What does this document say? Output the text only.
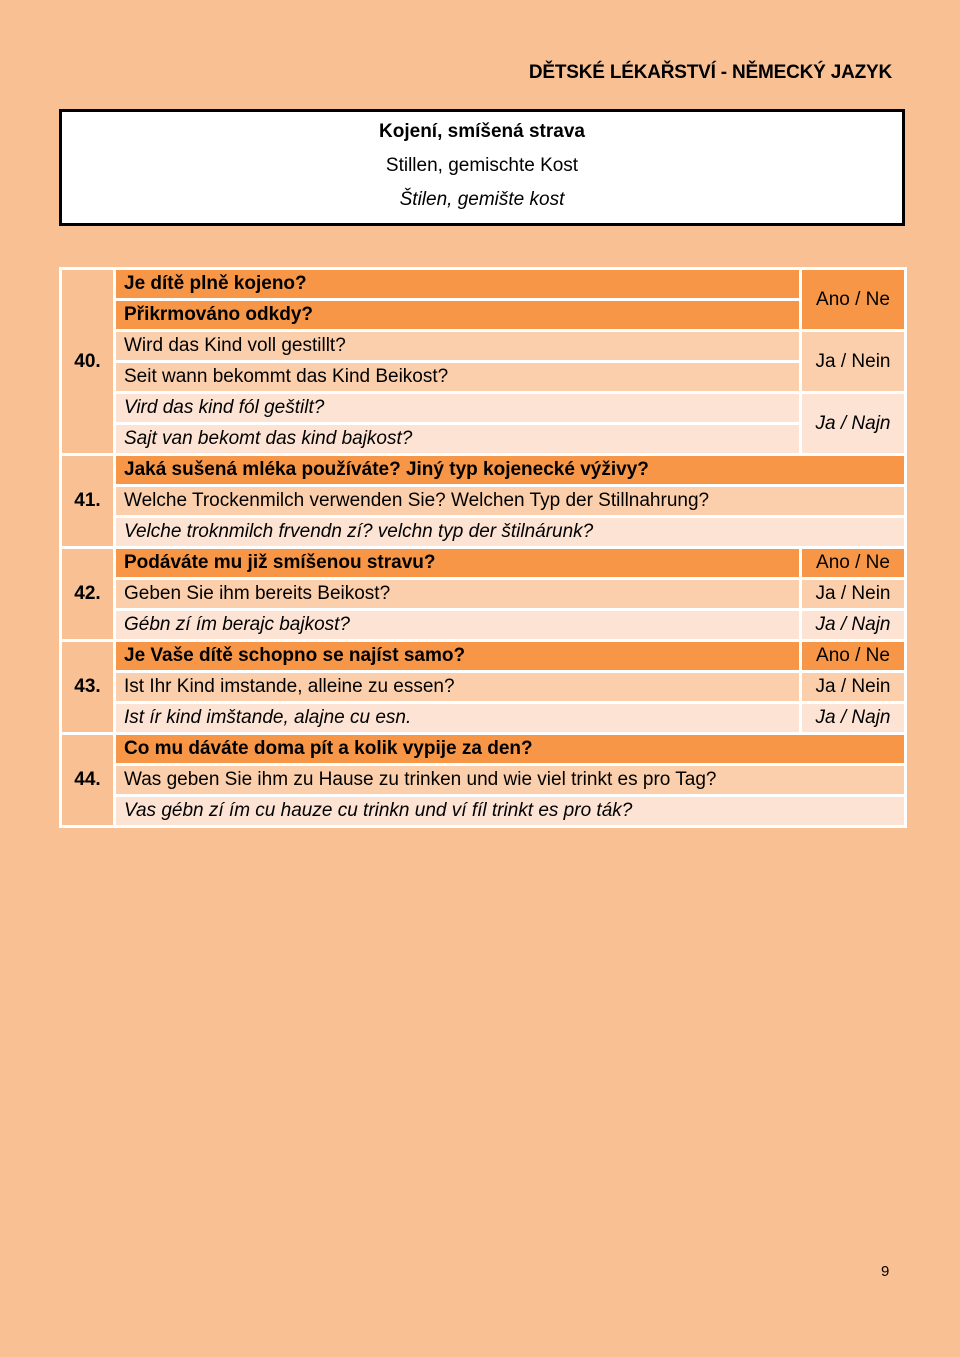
DĚTSKÉ LÉKAŘSTVÍ - NĚMECKÝ JAZYK
Kojení, smíšená strava
Stillen, gemischte Kost
Štilen, gemište kost
40.	Je dítě plně kojeno?	Ano / Ne
	Přikrmováno odkdy?	
	Wird das Kind voll gestillt?	Ja / Nein
	Seit wann bekommt das Kind Beikost?	
	Vird das kind fól geštilt?	Ja / Najn
	Sajt van bekomt das kind bajkost?	
41.	Jaká sušená mléka používáte? Jiný typ kojenecké výživy?	
	Welche Trockenmilch verwenden Sie? Welchen Typ der Stillnahrung?	
	Velche troknmilch frvendn zí? velchn typ der štilnárunk?	
42.	Podáváte mu již smíšenou stravu?	Ano / Ne
	Geben Sie ihm bereits Beikost?	Ja / Nein
	Gébn zí ím berajc bajkost?	Ja / Najn
43.	Je Vaše dítě schopno se najíst samo?	Ano / Ne
	Ist Ihr Kind imstande, alleine zu essen?	Ja / Nein
	Ist ír kind imštande, alajne cu esn.	Ja / Najn
44.	Co mu dáváte doma pít a kolik vypije za den?	
	Was geben Sie ihm zu Hause zu trinken und wie viel trinkt es pro Tag?	
	Vas gébn zí ím cu hauze cu trinkn und ví fíl trinkt es pro ták?	
9
